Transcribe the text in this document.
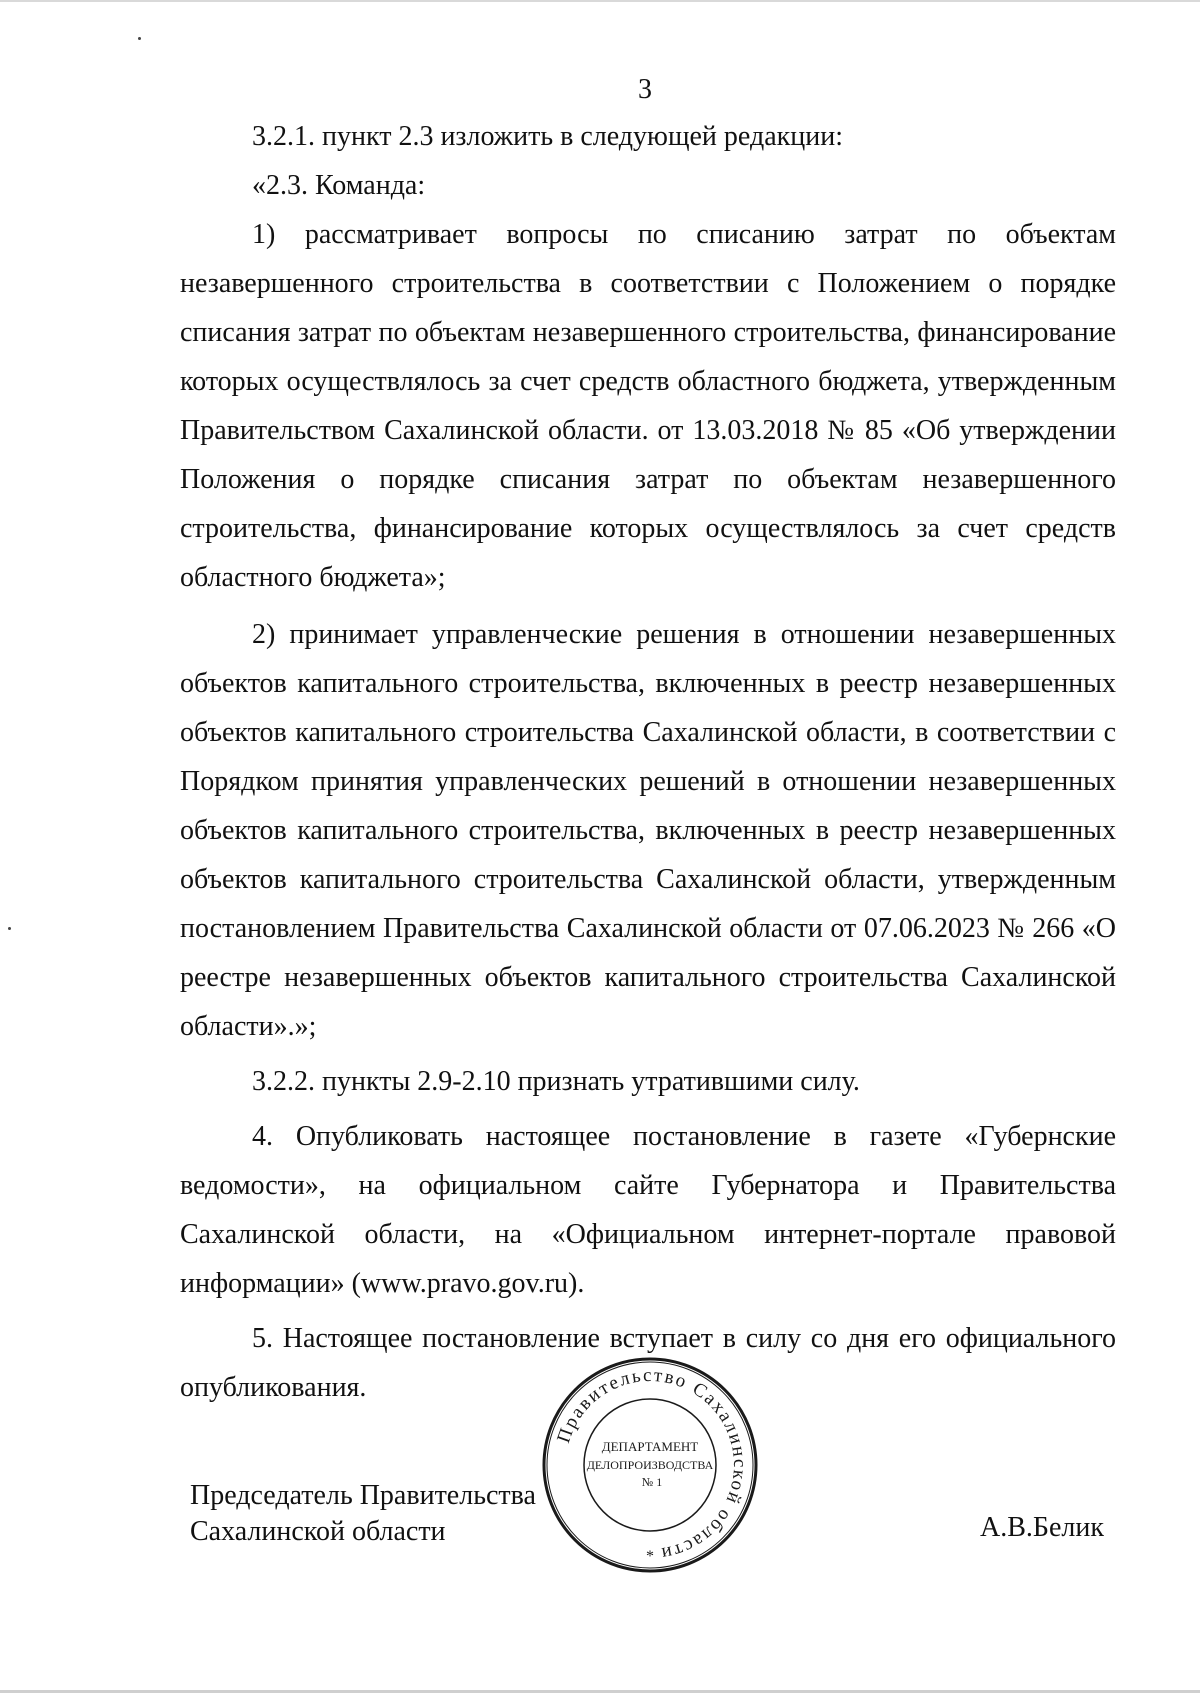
3

3.2.1. пункт 2.3 изложить в следующей редакции:

«2.3. Команда:

1) рассматривает вопросы по списанию затрат по объектам незавершенного строительства в соответствии с Положением о порядке списания затрат по объектам незавершенного строительства, финансирование которых осуществлялось за счет средств областного бюджета, утвержденным Правительством Сахалинской области. от 13.03.2018 № 85 «Об утверждении Положения о порядке списания затрат по объектам незавершенного строительства, финансирование которых осуществлялось за счет средств областного бюджета»;

2) принимает управленческие решения в отношении незавершенных объектов капитального строительства, включенных в реестр незавершенных объектов капитального строительства Сахалинской области, в соответствии с Порядком принятия управленческих решений в отношении незавершенных объектов капитального строительства, включенных в реестр незавершенных объектов капитального строительства Сахалинской области, утвержденным постановлением Правительства Сахалинской области от 07.06.2023 № 266 «О реестре незавершенных объектов капитального строительства Сахалинской области».»;

3.2.2. пункты 2.9-2.10 признать утратившими силу.

4. Опубликовать настоящее постановление в газете «Губернские ведомости», на официальном сайте Губернатора и Правительства Сахалинской области, на «Официальном интернет-портале правовой информации» (www.pravo.gov.ru).

5. Настоящее постановление вступает в силу со дня его официального опубликования.

Председатель Правительства
Сахалинской области
Правительство Сахалинской области
ДЕПАРТАМЕНТ
ДЕЛОПРОИЗВОДСТВА
№ 1
*
А.В.Белик
